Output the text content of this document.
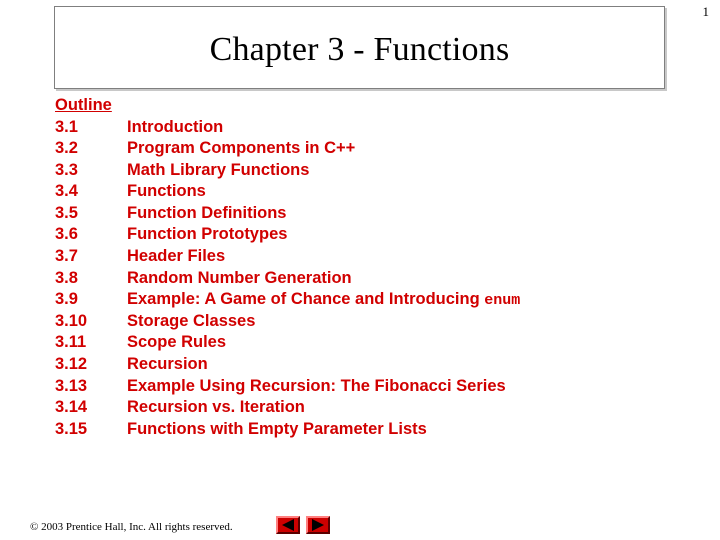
1
Chapter 3 - Functions
Outline
3.1	Introduction
3.2	Program Components in C++
3.3	Math Library Functions
3.4	Functions
3.5	Function Definitions
3.6	Function Prototypes
3.7	Header Files
3.8	Random Number Generation
3.9	Example: A Game of Chance and Introducing enum
3.10	Storage Classes
3.11	Scope Rules
3.12	Recursion
3.13	Example Using Recursion: The Fibonacci Series
3.14	Recursion vs. Iteration
3.15	Functions with Empty Parameter Lists
© 2003 Prentice Hall, Inc. All rights reserved.
